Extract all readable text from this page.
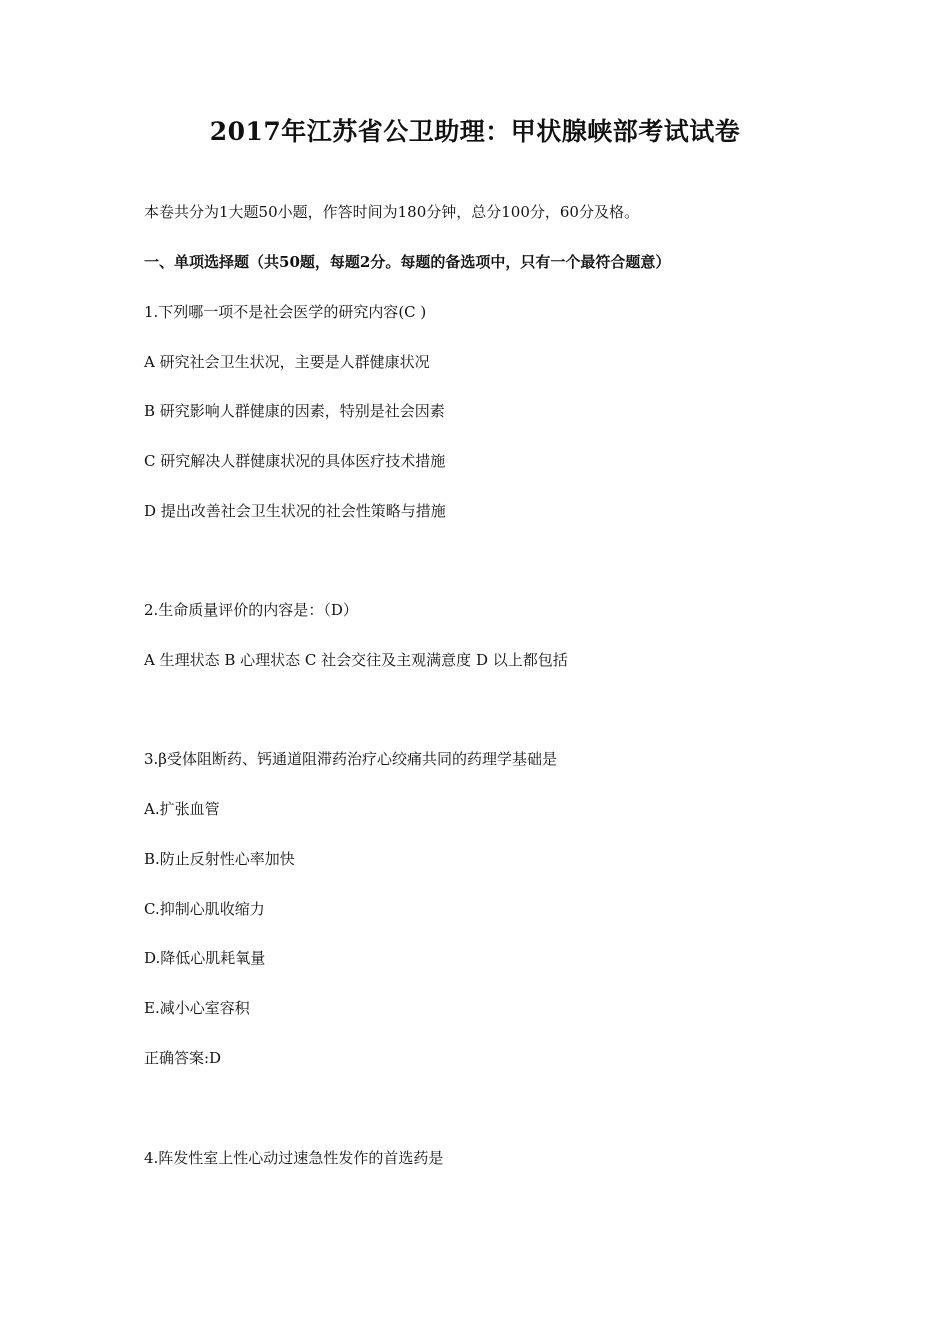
2017年江苏省公卫助理：甲状腺峡部考试试卷

本卷共分为1大题50小题，作答时间为180分钟，总分100分，60分及格。

一、单项选择题（共50题，每题2分。每题的备选项中，只有一个最符合题意）

1.下列哪一项不是社会医学的研究内容(C )

A 研究社会卫生状况，主要是人群健康状况

B 研究影响人群健康的因素，特别是社会因素

C 研究解决人群健康状况的具体医疗技术措施

D 提出改善社会卫生状况的社会性策略与措施

2.生命质量评价的内容是：（D）

A 生理状态 B 心理状态 C 社会交往及主观满意度 D 以上都包括

3.β受体阻断药、钙通道阻滞药治疗心绞痛共同的药理学基础是

A.扩张血管

B.防止反射性心率加快

C.抑制心肌收缩力

D.降低心肌耗氧量

E.减小心室容积

正确答案:D

4.阵发性室上性心动过速急性发作的首选药是
